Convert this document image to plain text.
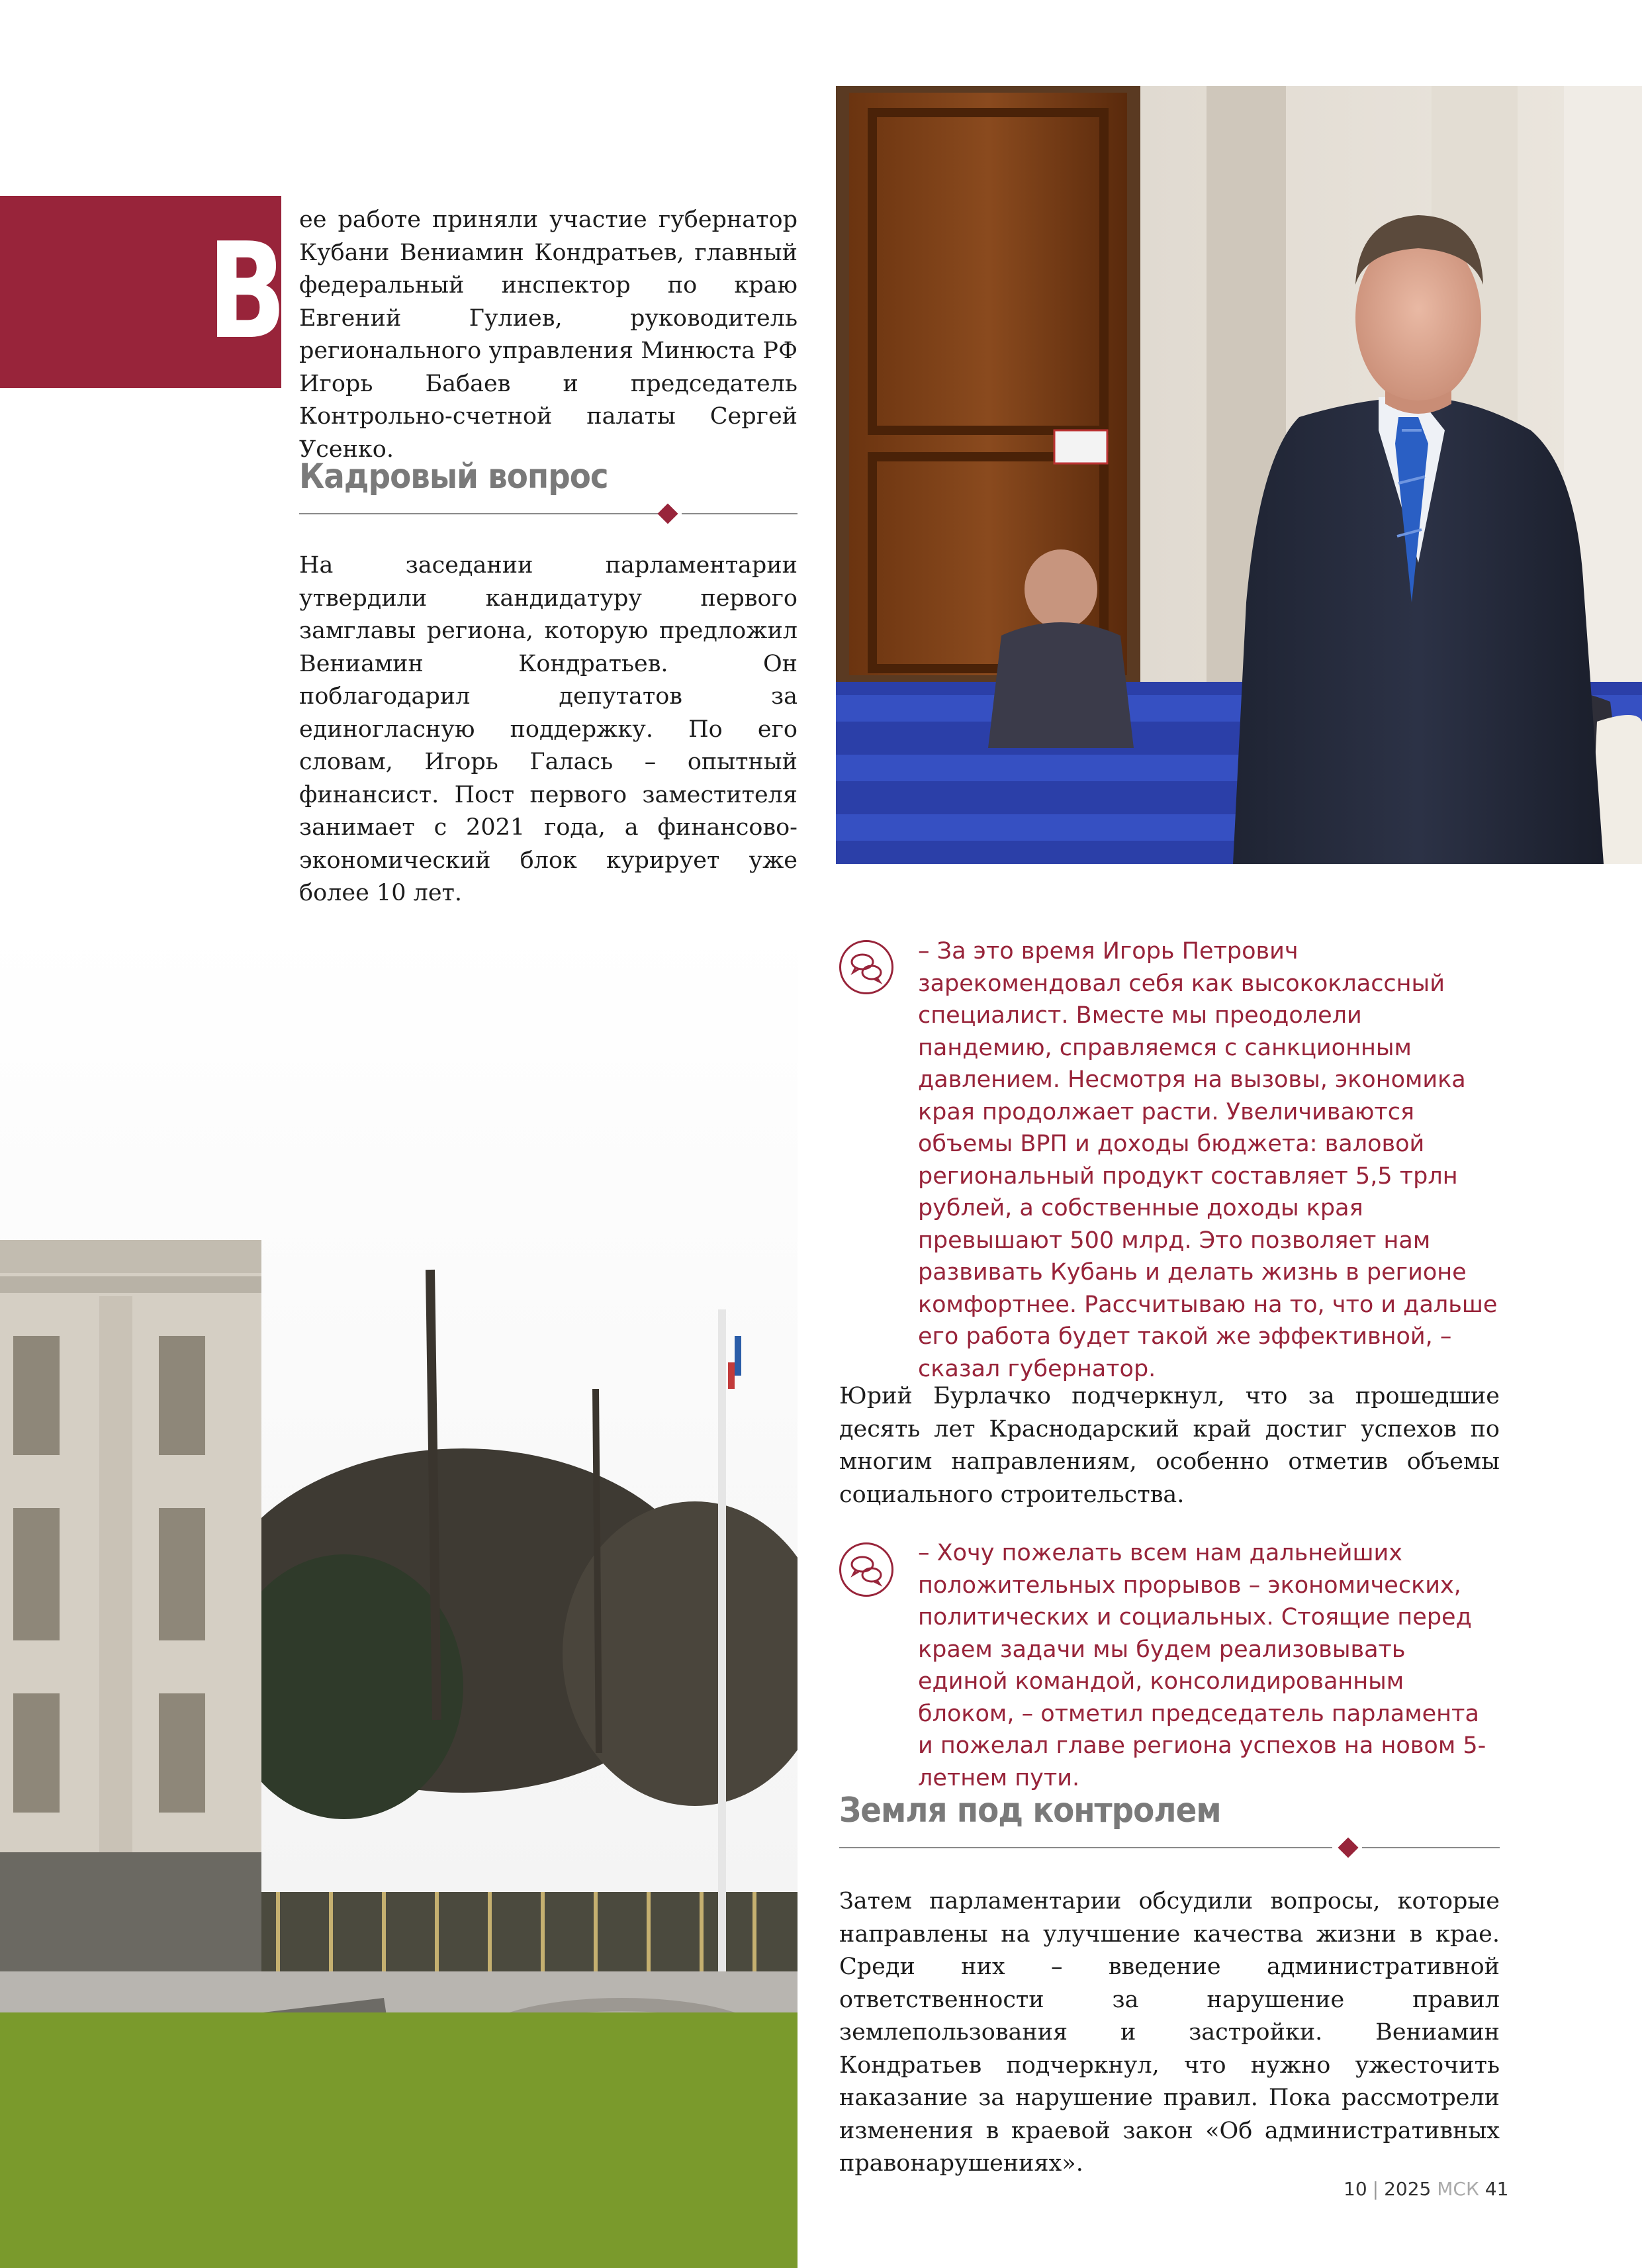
В ее работе приняли участие губернатор Кубани Вениамин Кондратьев, главный федеральный инспектор по краю Евгений Гулиев, руководитель регионального управления Минюста РФ Игорь Бабаев и председатель Контрольно-счетной палаты Сергей Усенко.
Кадровый вопрос
На заседании парламентарии утвердили кандидатуру первого замглавы региона, которую предложил Вениамин Кондратьев. Он поблагодарил депутатов за единогласную поддержку. По его словам, Игорь Галась – опытный финансист. Пост первого заместителя занимает с 2021 года, а финансово-экономический блок курирует уже более 10 лет.
– За это время Игорь Петрович зарекомендовал себя как высококлассный специалист. Вместе мы преодолели пандемию, справляемся с санкционным давлением. Несмотря на вызовы, экономика края продолжает расти. Увеличиваются объемы ВРП и доходы бюджета: валовой региональный продукт составляет 5,5 трлн рублей, а собственные доходы края превышают 500 млрд. Это позволяет нам развивать Кубань и делать жизнь в регионе комфортнее. Рассчитываю на то, что и дальше его работа будет такой же эффективной, – сказал губернатор.
Юрий Бурлачко подчеркнул, что за прошедшие десять лет Краснодарский край достиг успехов по многим направлениям, особенно отметив объемы социального строительства.
– Хочу пожелать всем нам дальнейших положительных прорывов – экономических, политических и социальных. Стоящие перед краем задачи мы будем реализовывать единой командой, консолидированным блоком, – отметил председатель парламента и пожелал главе региона успехов на новом 5-летнем пути.
Земля под контролем
Затем парламентарии обсудили вопросы, которые направлены на улучшение качества жизни в крае. Среди них – введение административной ответственности за нарушение правил землепользования и застройки. Вениамин Кондратьев подчеркнул, что нужно ужесточить наказание за нарушение правил. Пока рассмотрели изменения в краевой закон «Об административных правонарушениях».
10 | 2025 МСК 41
